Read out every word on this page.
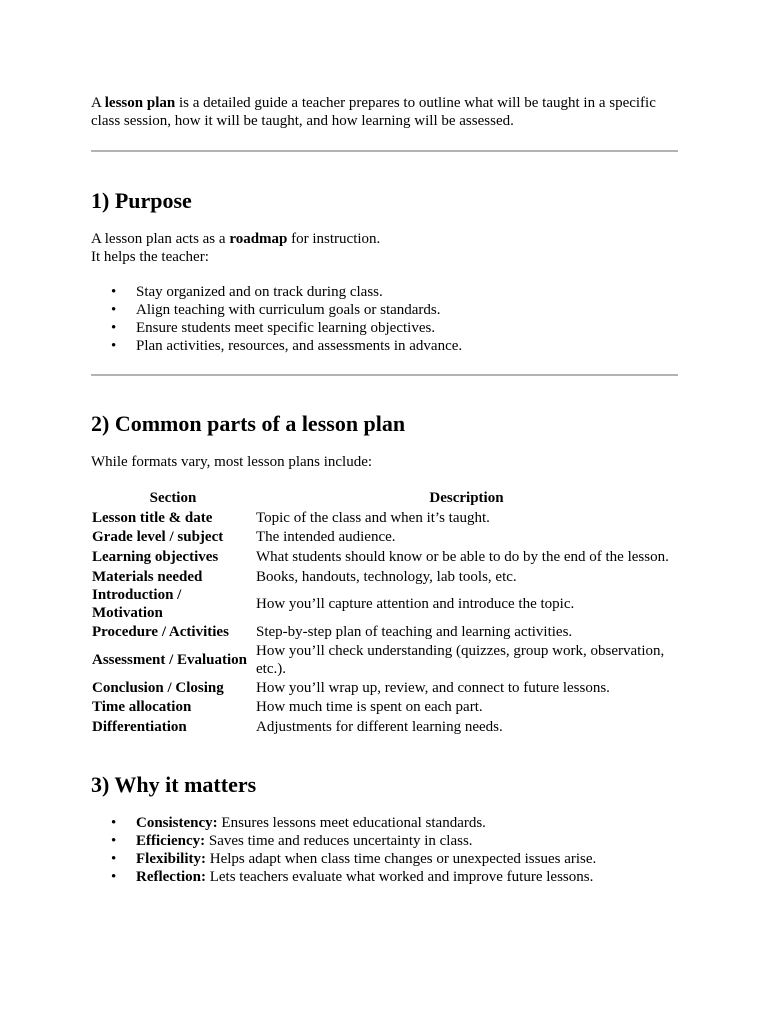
A lesson plan is a detailed guide a teacher prepares to outline what will be taught in a specific class session, how it will be taught, and how learning will be assessed.

1) Purpose

A lesson plan acts as a roadmap for instruction.

It helps the teacher:

• Stay organized and on track during class.
• Align teaching with curriculum goals or standards.
• Ensure students meet specific learning objectives.
• Plan activities, resources, and assessments in advance.
2) Common parts of a lesson plan

While formats vary, most lesson plans include:

Section	Description
Lesson title & date	Topic of the class and when it’s taught.
Grade level / subject	The intended audience.
Learning objectives	What students should know or be able to do by the end of the lesson.
Materials needed	Books, handouts, technology, lab tools, etc.
Introduction / Motivation	How you’ll capture attention and introduce the topic.
Procedure / Activities	Step-by-step plan of teaching and learning activities.
Assessment / Evaluation	How you’ll check understanding (quizzes, group work, observation, etc.).
Conclusion / Closing	How you’ll wrap up, review, and connect to future lessons.
Time allocation	How much time is spent on each part.
Differentiation	Adjustments for different learning needs.
3) Why it matters
• Consistency: Ensures lessons meet educational standards.
• Efficiency: Saves time and reduces uncertainty in class.
• Flexibility: Helps adapt when class time changes or unexpected issues arise.
• Reflection: Lets teachers evaluate what worked and improve future lessons.
